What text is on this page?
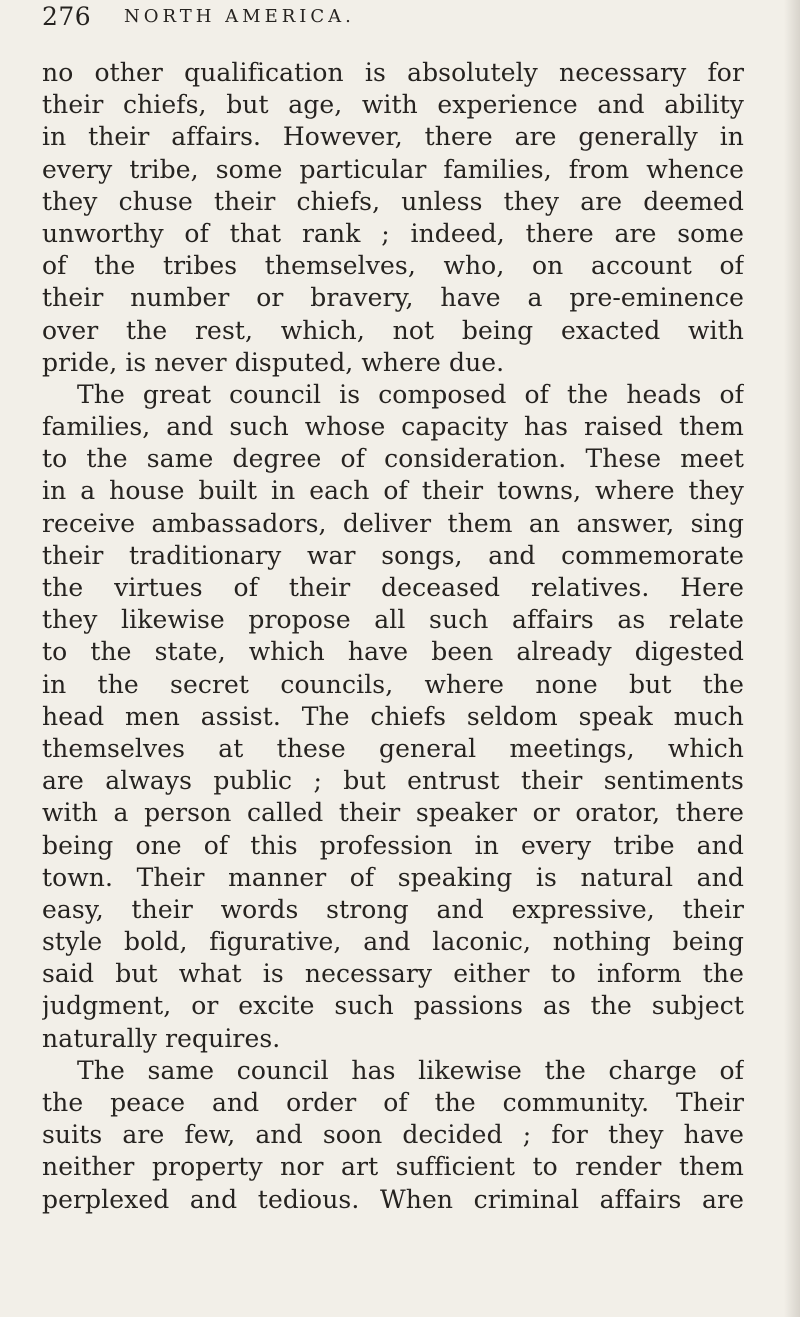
276 NORTH AMERICA.
no other qualification is absolutely necessary for
their chiefs, but age, with experience and ability
in their affairs. However, there are generally in
every tribe, some particular families, from whence
they chuse their chiefs, unless they are deemed
unworthy of that rank ; indeed, there are some
of the tribes themselves, who, on account of
their number or bravery, have a pre-eminence
over the rest, which, not being exacted with
pride, is never disputed, where due.
The great council is composed of the heads of
families, and such whose capacity has raised them
to the same degree of consideration. These meet
in a house built in each of their towns, where they
receive ambassadors, deliver them an answer, sing
their traditionary war songs, and commemorate
the virtues of their deceased relatives. Here
they likewise propose all such affairs as relate
to the state, which have been already digested
in the secret councils, where none but the
head men assist. The chiefs seldom speak much
themselves at these general meetings, which
are always public ; but entrust their sentiments
with a person called their speaker or orator, there
being one of this profession in every tribe and
town. Their manner of speaking is natural and
easy, their words strong and expressive, their
style bold, figurative, and laconic, nothing being
said but what is necessary either to inform the
judgment, or excite such passions as the subject
naturally requires.
The same council has likewise the charge of
the peace and order of the community. Their
suits are few, and soon decided ; for they have
neither property nor art sufficient to render them
perplexed and tedious. When criminal affairs are
